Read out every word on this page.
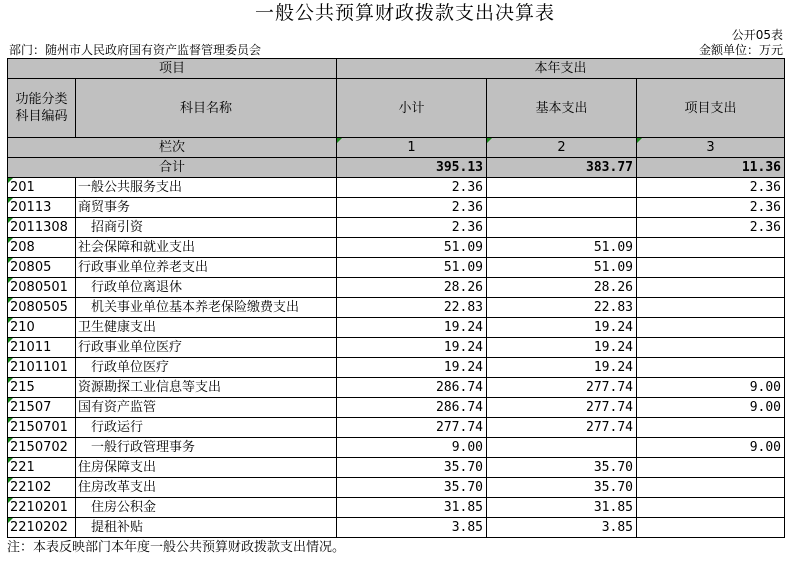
一般公共预算财政拨款支出决算表
公开05表
部门：随州市人民政府国有资产监督管理委员会	金额单位：万元
项目		本年支出		
功能分类
科目编码	科目名称	小计	基本支出	项目支出
栏次		1	2	3
合计		395.13	383.77	11.36
201	一般公共服务支出	2.36		2.36
20113	商贸事务	2.36		2.36
2011308	　招商引资	2.36		2.36
208	社会保障和就业支出	51.09	51.09	
20805	行政事业单位养老支出	51.09	51.09	
2080501	　行政单位离退休	28.26	28.26	
2080505	　机关事业单位基本养老保险缴费支出	22.83	22.83	
210	卫生健康支出	19.24	19.24	
21011	行政事业单位医疗	19.24	19.24	
2101101	　行政单位医疗	19.24	19.24	
215	资源勘探工业信息等支出	286.74	277.74	9.00
21507	国有资产监管	286.74	277.74	9.00
2150701	　行政运行	277.74	277.74	
2150702	　一般行政管理事务	9.00		9.00
221	住房保障支出	35.70	35.70	
22102	住房改革支出	35.70	35.70	
2210201	　住房公积金	31.85	31.85	
2210202	　提租补贴	3.85	3.85	
注：本表反映部门本年度一般公共预算财政拨款支出情况。
